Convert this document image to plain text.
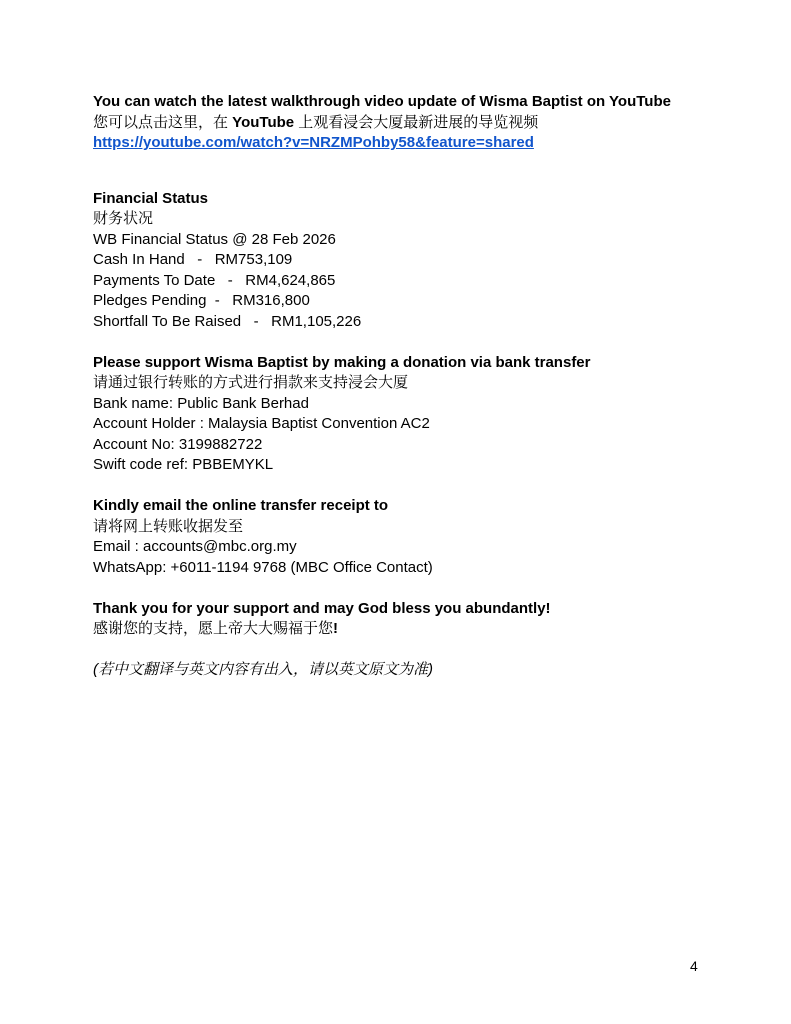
You can watch the latest walkthrough video update of Wisma Baptist on YouTube
您可以点击这里，在 YouTube 上观看浸会大厦最新进展的导览视频
https://youtube.com/watch?v=NRZMPohby58&feature=shared
Financial Status
财务状况
WB Financial Status @ 28 Feb 2026
Cash In Hand   -   RM753,109
Payments To Date   -   RM4,624,865
Pledges Pending  -   RM316,800
Shortfall To Be Raised   -   RM1,105,226
Please support Wisma Baptist by making a donation via bank transfer
请通过银行转账的方式进行捐款来支持浸会大厦
Bank name: Public Bank Berhad
Account Holder : Malaysia Baptist Convention AC2
Account No: 3199882722
Swift code ref: PBBEMYKL
Kindly email the online transfer receipt to
请将网上转账收据发至
Email : accounts@mbc.org.my
WhatsApp: +6011-1194 9768 (MBC Office Contact)
Thank you for your support and may God bless you abundantly!
感谢您的支持，愿上帝大大赐福于您!
(若中文翻译与英文内容有出入，请以英文原文为准)
4
